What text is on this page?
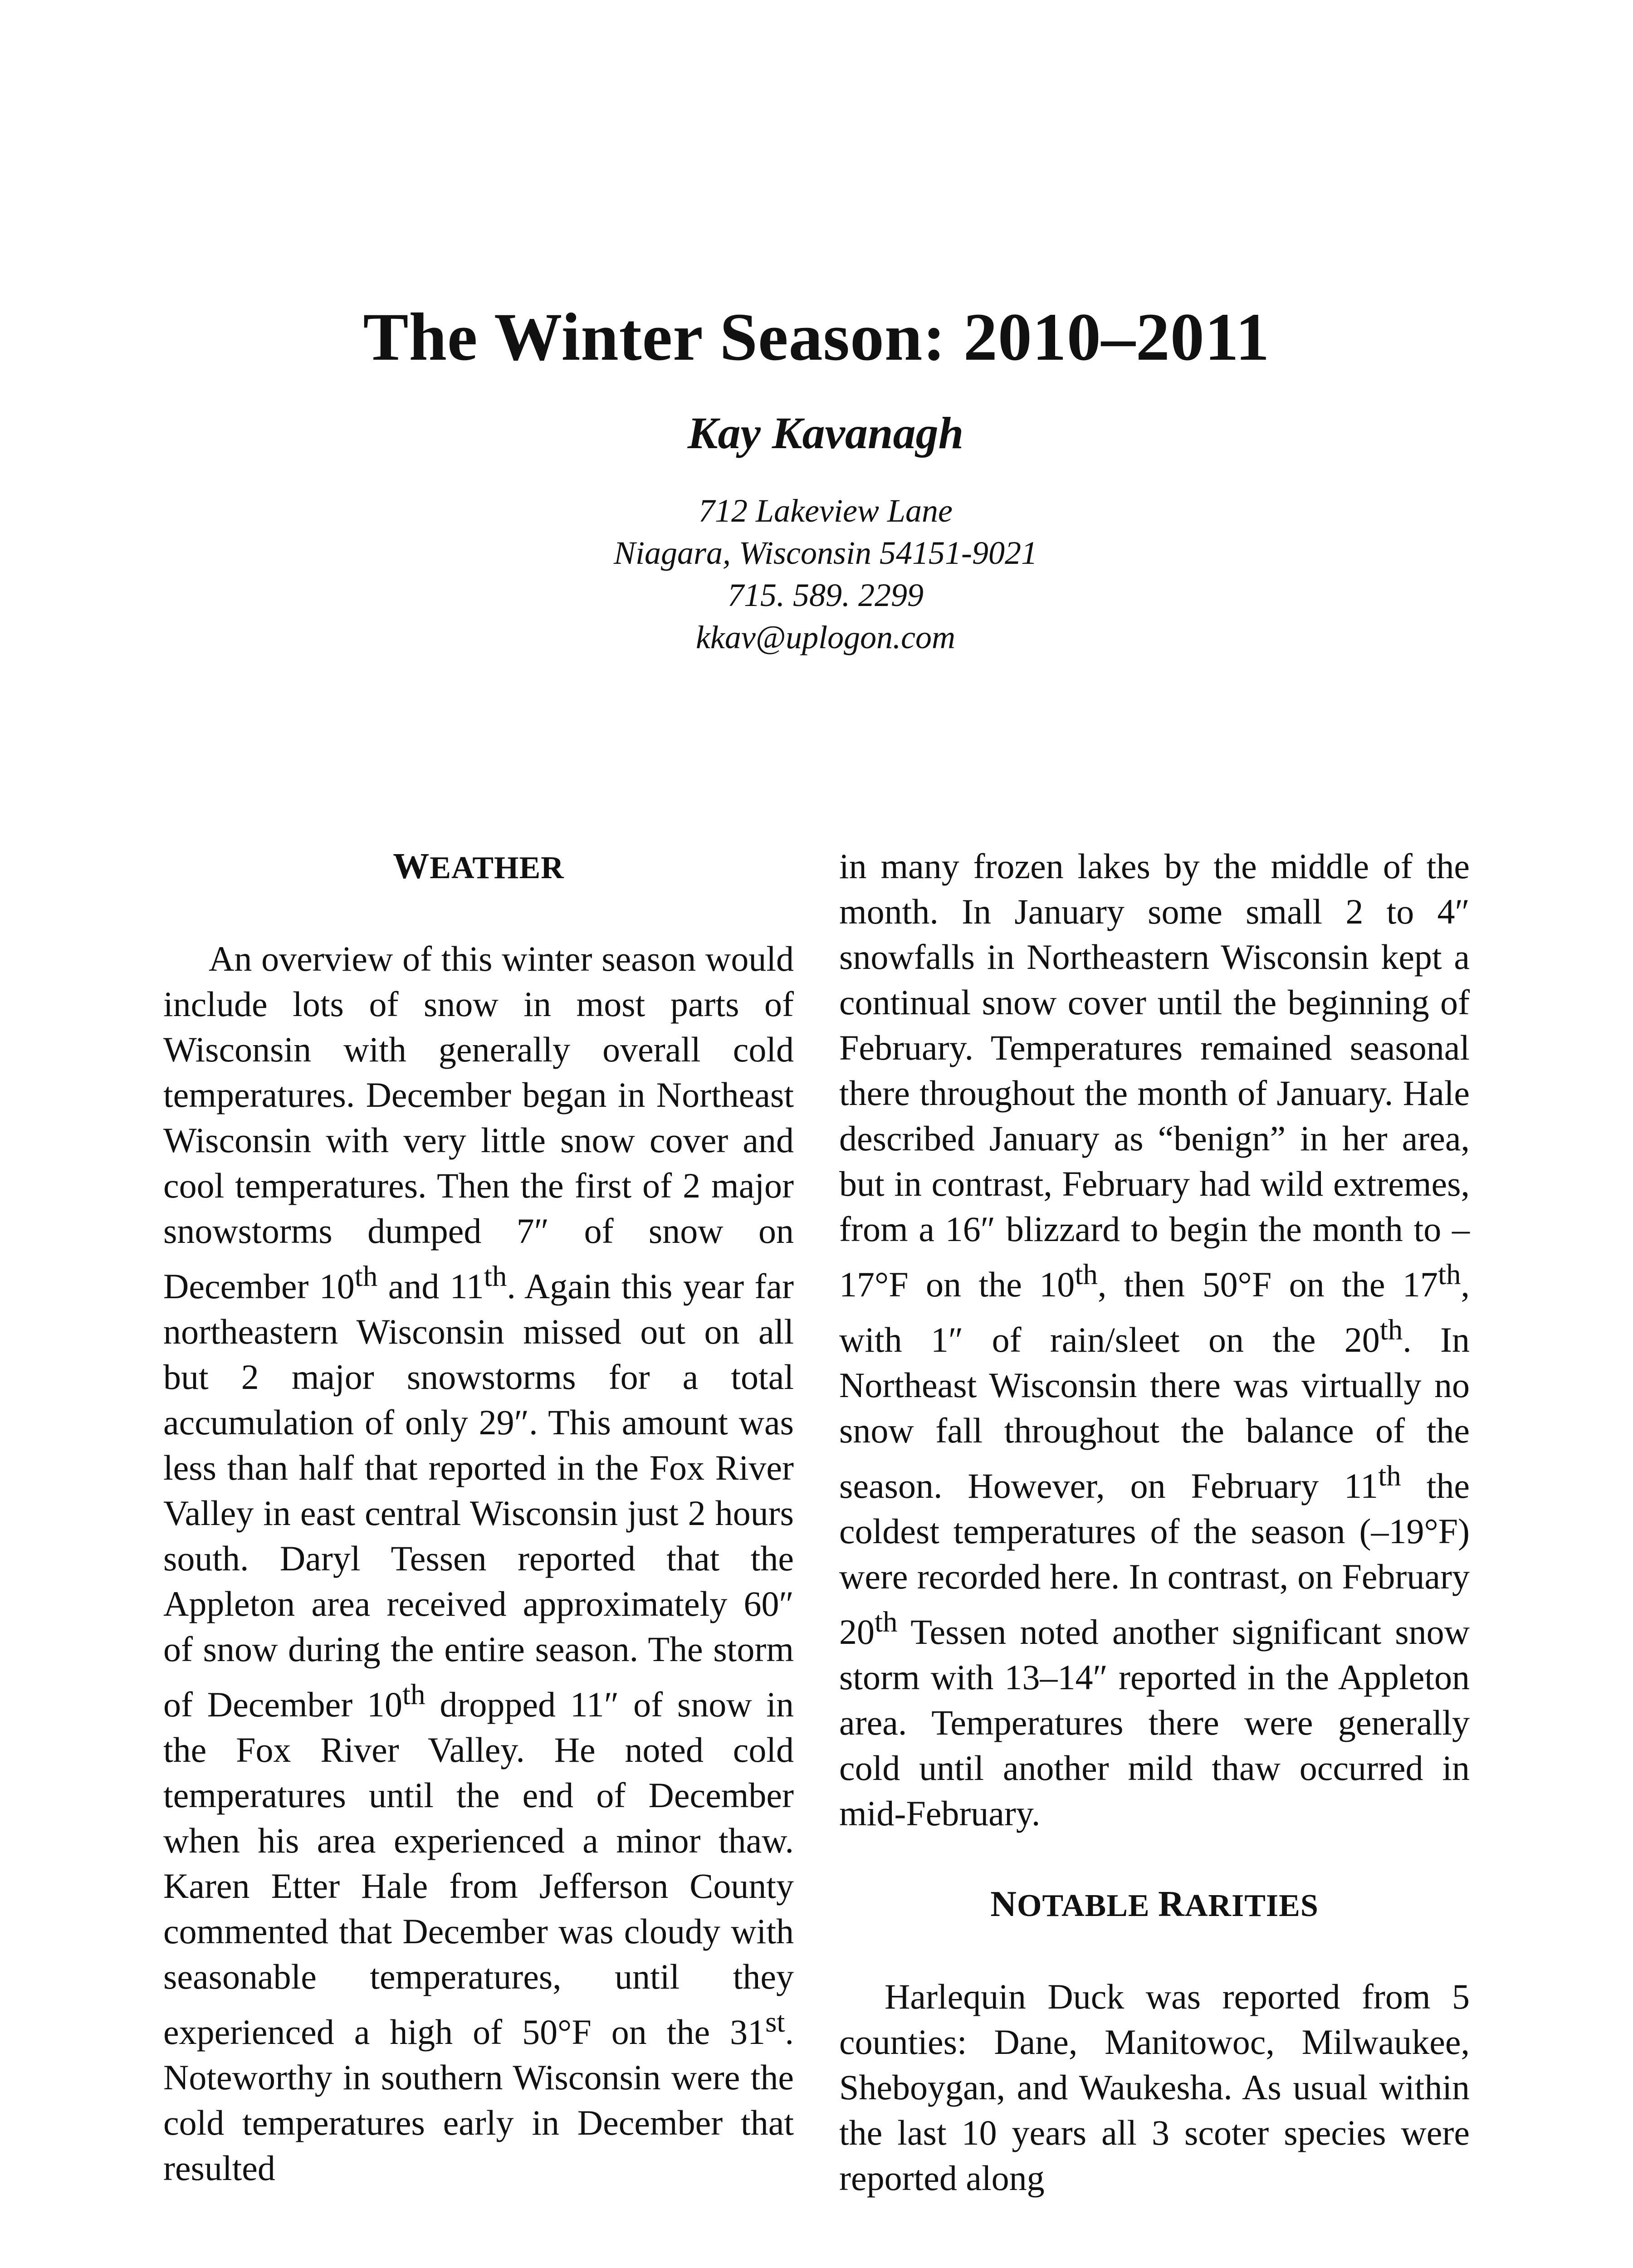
The Winter Season: 2010–2011
Kay Kavanagh
712 Lakeview Lane
Niagara, Wisconsin 54151-9021
715. 589. 2299
kkav@uplogon.com
WEATHER

An overview of this winter season would include lots of snow in most parts of Wisconsin with generally overall cold temperatures. December began in Northeast Wisconsin with very little snow cover and cool temperatures. Then the first of 2 major snowstorms dumped 7″ of snow on December 10th and 11th. Again this year far northeastern Wisconsin missed out on all but 2 major snowstorms for a total accumulation of only 29″. This amount was less than half that reported in the Fox River Valley in east central Wisconsin just 2 hours south. Daryl Tessen reported that the Appleton area received approximately 60″ of snow during the entire season. The storm of December 10th dropped 11″ of snow in the Fox River Valley. He noted cold temperatures until the end of December when his area experienced a minor thaw. Karen Etter Hale from Jefferson County commented that December was cloudy with seasonable temperatures, until they experienced a high of 50°F on the 31st. Noteworthy in southern Wisconsin were the cold temperatures early in December that resulted

in many frozen lakes by the middle of the month. In January some small 2 to 4″ snowfalls in Northeastern Wisconsin kept a continual snow cover until the beginning of February. Temperatures remained seasonal there throughout the month of January. Hale described January as “benign” in her area, but in contrast, February had wild extremes, from a 16″ blizzard to begin the month to –17°F on the 10th, then 50°F on the 17th, with 1″ of rain/sleet on the 20th. In Northeast Wisconsin there was virtually no snow fall throughout the balance of the season. However, on February 11th the coldest temperatures of the season (–19°F) were recorded here. In contrast, on February 20th Tessen noted another significant snow storm with 13–14″ reported in the Appleton area. Temperatures there were generally cold until another mild thaw occurred in mid-February.

NOTABLE RARITIES

Harlequin Duck was reported from 5 counties: Dane, Manitowoc, Milwaukee, Sheboygan, and Waukesha. As usual within the last 10 years all 3 scoter species were reported along
